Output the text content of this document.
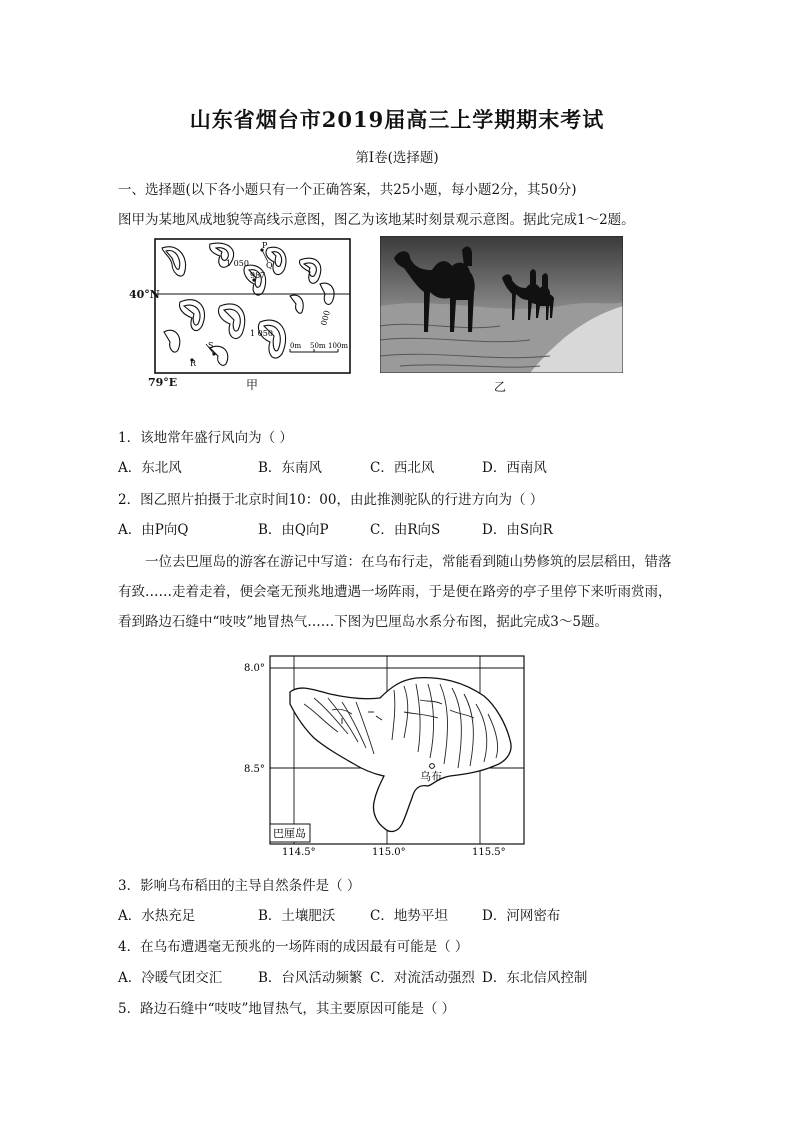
山东省烟台市2019届高三上学期期末考试
第Ⅰ卷(选择题)
一、选择题(以下各小题只有一个正确答案，共25小题，每小题2分，其50分)
图甲为某地风成地貌等高线示意图，图乙为该地某时刻景观示意图。据此完成1～2题。
P
Q
R
S
1 050
987
1 050
000
0m 50m 100m
40°N
79°E	甲	乙
1．该地常年盛行风向为（ ）
A．东北风	B．东南风	C．西北风	D．西南风
2．图乙照片拍摄于北京时间10：00，由此推测驼队的行进方向为（ ）
A．由P向Q	B．由Q向P	C．由R向S	D．由S向R
一位去巴厘岛的游客在游记中写道：在乌布行走，常能看到随山势修筑的层层稻田，错落
有致……走着走着，便会毫无预兆地遭遇一场阵雨，于是便在路旁的亭子里停下来听雨赏雨，
看到路边石缝中“吱吱”地冒热气……下图为巴厘岛水系分布图，据此完成3～5题。
乌布
巴厘岛
8.0°
8.5°
114.5°	115.0°	115.5°
3．影响乌布稻田的主导自然条件是（ ）
A．水热充足	B．土壤肥沃	C．地势平坦	D．河网密布
4．在乌布遭遇毫无预兆的一场阵雨的成因最有可能是（ ）
A．冷暖气团交汇	B．台风活动频繁 C．对流活动强烈 D．东北信风控制
5．路边石缝中“吱吱”地冒热气，其主要原因可能是（ ）
